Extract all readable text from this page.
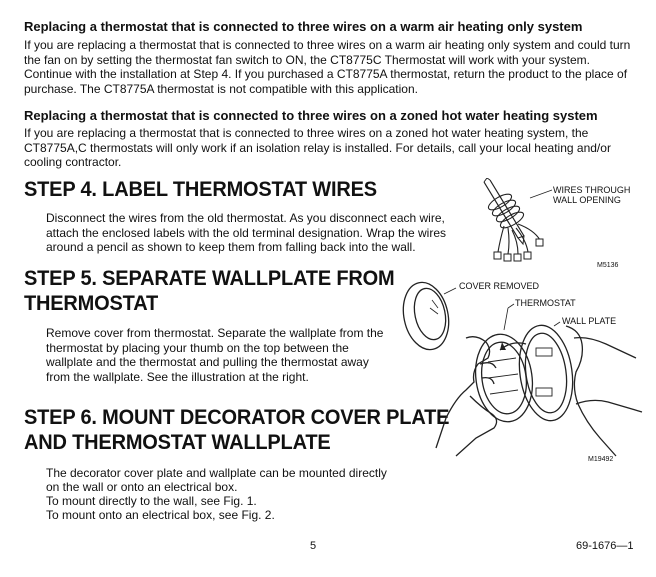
Replacing a thermostat that is connected to three wires on a warm air heating only system
If you are replacing a thermostat that is connected to three wires on a warm air heating only system and could turn the fan on by setting the thermostat fan switch to ON, the CT8775C Thermostat will work with your system. Continue with the installation at Step 4. If you purchased a CT8775A thermostat, return the product to the place of purchase. The CT8775A thermostat is not compatible with this application.
Replacing a thermostat that is connected to three wires on a zoned hot water heating system
If you are replacing a thermostat that is connected to three wires on a zoned hot water heating system, the CT8775A,C thermostats will only work if an isolation relay is installed. For details, call your local heating and/or cooling contractor.
STEP 4. LABEL THERMOSTAT WIRES
Disconnect the wires from the old thermostat. As you disconnect each wire, attach the enclosed labels with the old terminal designation. Wrap the wires around a pencil as shown to keep them from falling back into the wall.
STEP 5. SEPARATE WALLPLATE FROM
THERMOSTAT
Remove cover from thermostat. Separate the wallplate from the thermostat by placing your thumb on the top between the wallplate and the thermostat and pulling the thermostat away from the wallplate. See the illustration at the right.
STEP 6. MOUNT DECORATOR COVER PLATE
AND THERMOSTAT WALLPLATE
The decorator cover plate and wallplate can be mounted directly
on the wall or onto an electrical box.
To mount directly to the wall, see Fig. 1.
To mount onto an electrical box, see Fig. 2.
WIRES THROUGH
WALL OPENING
M5136
COVER REMOVED
THERMOSTAT
WALL PLATE
M19492
5	69-1676—1
